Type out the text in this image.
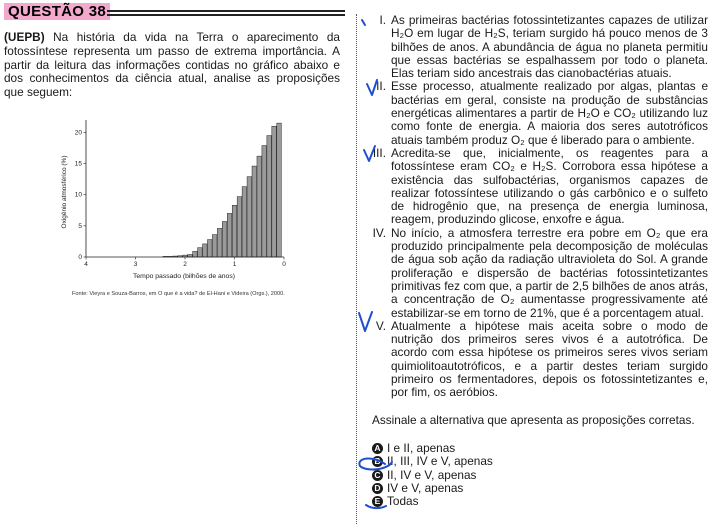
QUESTÃO 38
(UEPB) Na história da vida na Terra o aparecimento da fotossíntese representa um passo de extrema importância. A partir da leitura das informações contidas no gráfico abaixo e dos conhecimentos da ciência atual, analise as proposições que seguem:
0
5
10
15
20
4	3	2	1	0
Oxigênio atmosférico (%)
Tempo passado (bilhões de anos)
Fonte: Vieyra e Souza-Barros, em O que é a vida? de El-Hani e Videira (Orgs.), 2000.
I. As primeiras bactérias fotossintetizantes capazes de utilizar H₂O em lugar de H₂S, teriam surgido há pouco menos de 3 bilhões de anos. A abundância de água no planeta permitiu que essas bactérias se espalhassem por todo o planeta. Elas teriam sido ancestrais das cianobactérias atuais.
II. Esse processo, atualmente realizado por algas, plantas e bactérias em geral, consiste na produção de substâncias energéticas alimentares a partir de H₂O e CO₂ utilizando luz como fonte de energia. A maioria dos seres autotróficos atuais também produz O₂ que é liberado para o ambiente.
III. Acredita-se que, inicialmente, os reagentes para a fotossíntese eram CO₂ e H₂S. Corrobora essa hipótese a existência das sulfobactérias, organismos capazes de realizar fotossíntese utilizando o gás carbônico e o sulfeto de hidrogênio que, na presença de energia luminosa, reagem, produzindo glicose, enxofre e água.
IV. No início, a atmosfera terrestre era pobre em O₂ que era produzido principalmente pela decomposição de moléculas de água sob ação da radiação ultravioleta do Sol. A grande proliferação e dispersão de bactérias fotossintetizantes primitivas fez com que, a partir de 2,5 bilhões de anos atrás, a concentração de O₂ aumentasse progressivamente até estabilizar-se em torno de 21%, que é a porcentagem atual.
V. Atualmente a hipótese mais aceita sobre o modo de nutrição dos primeiros seres vivos é a autotrófica. De acordo com essa hipótese os primeiros seres vivos seriam quimiolitoautotróficos, e a partir destes teriam surgido primeiro os fermentadores, depois os fotossintetizantes e, por fim, os aeróbios.
Assinale a alternativa que apresenta as proposições corretas.
A I e II, apenas
B II, III, IV e V, apenas
C II, IV e V, apenas
D IV e V, apenas
E Todas
